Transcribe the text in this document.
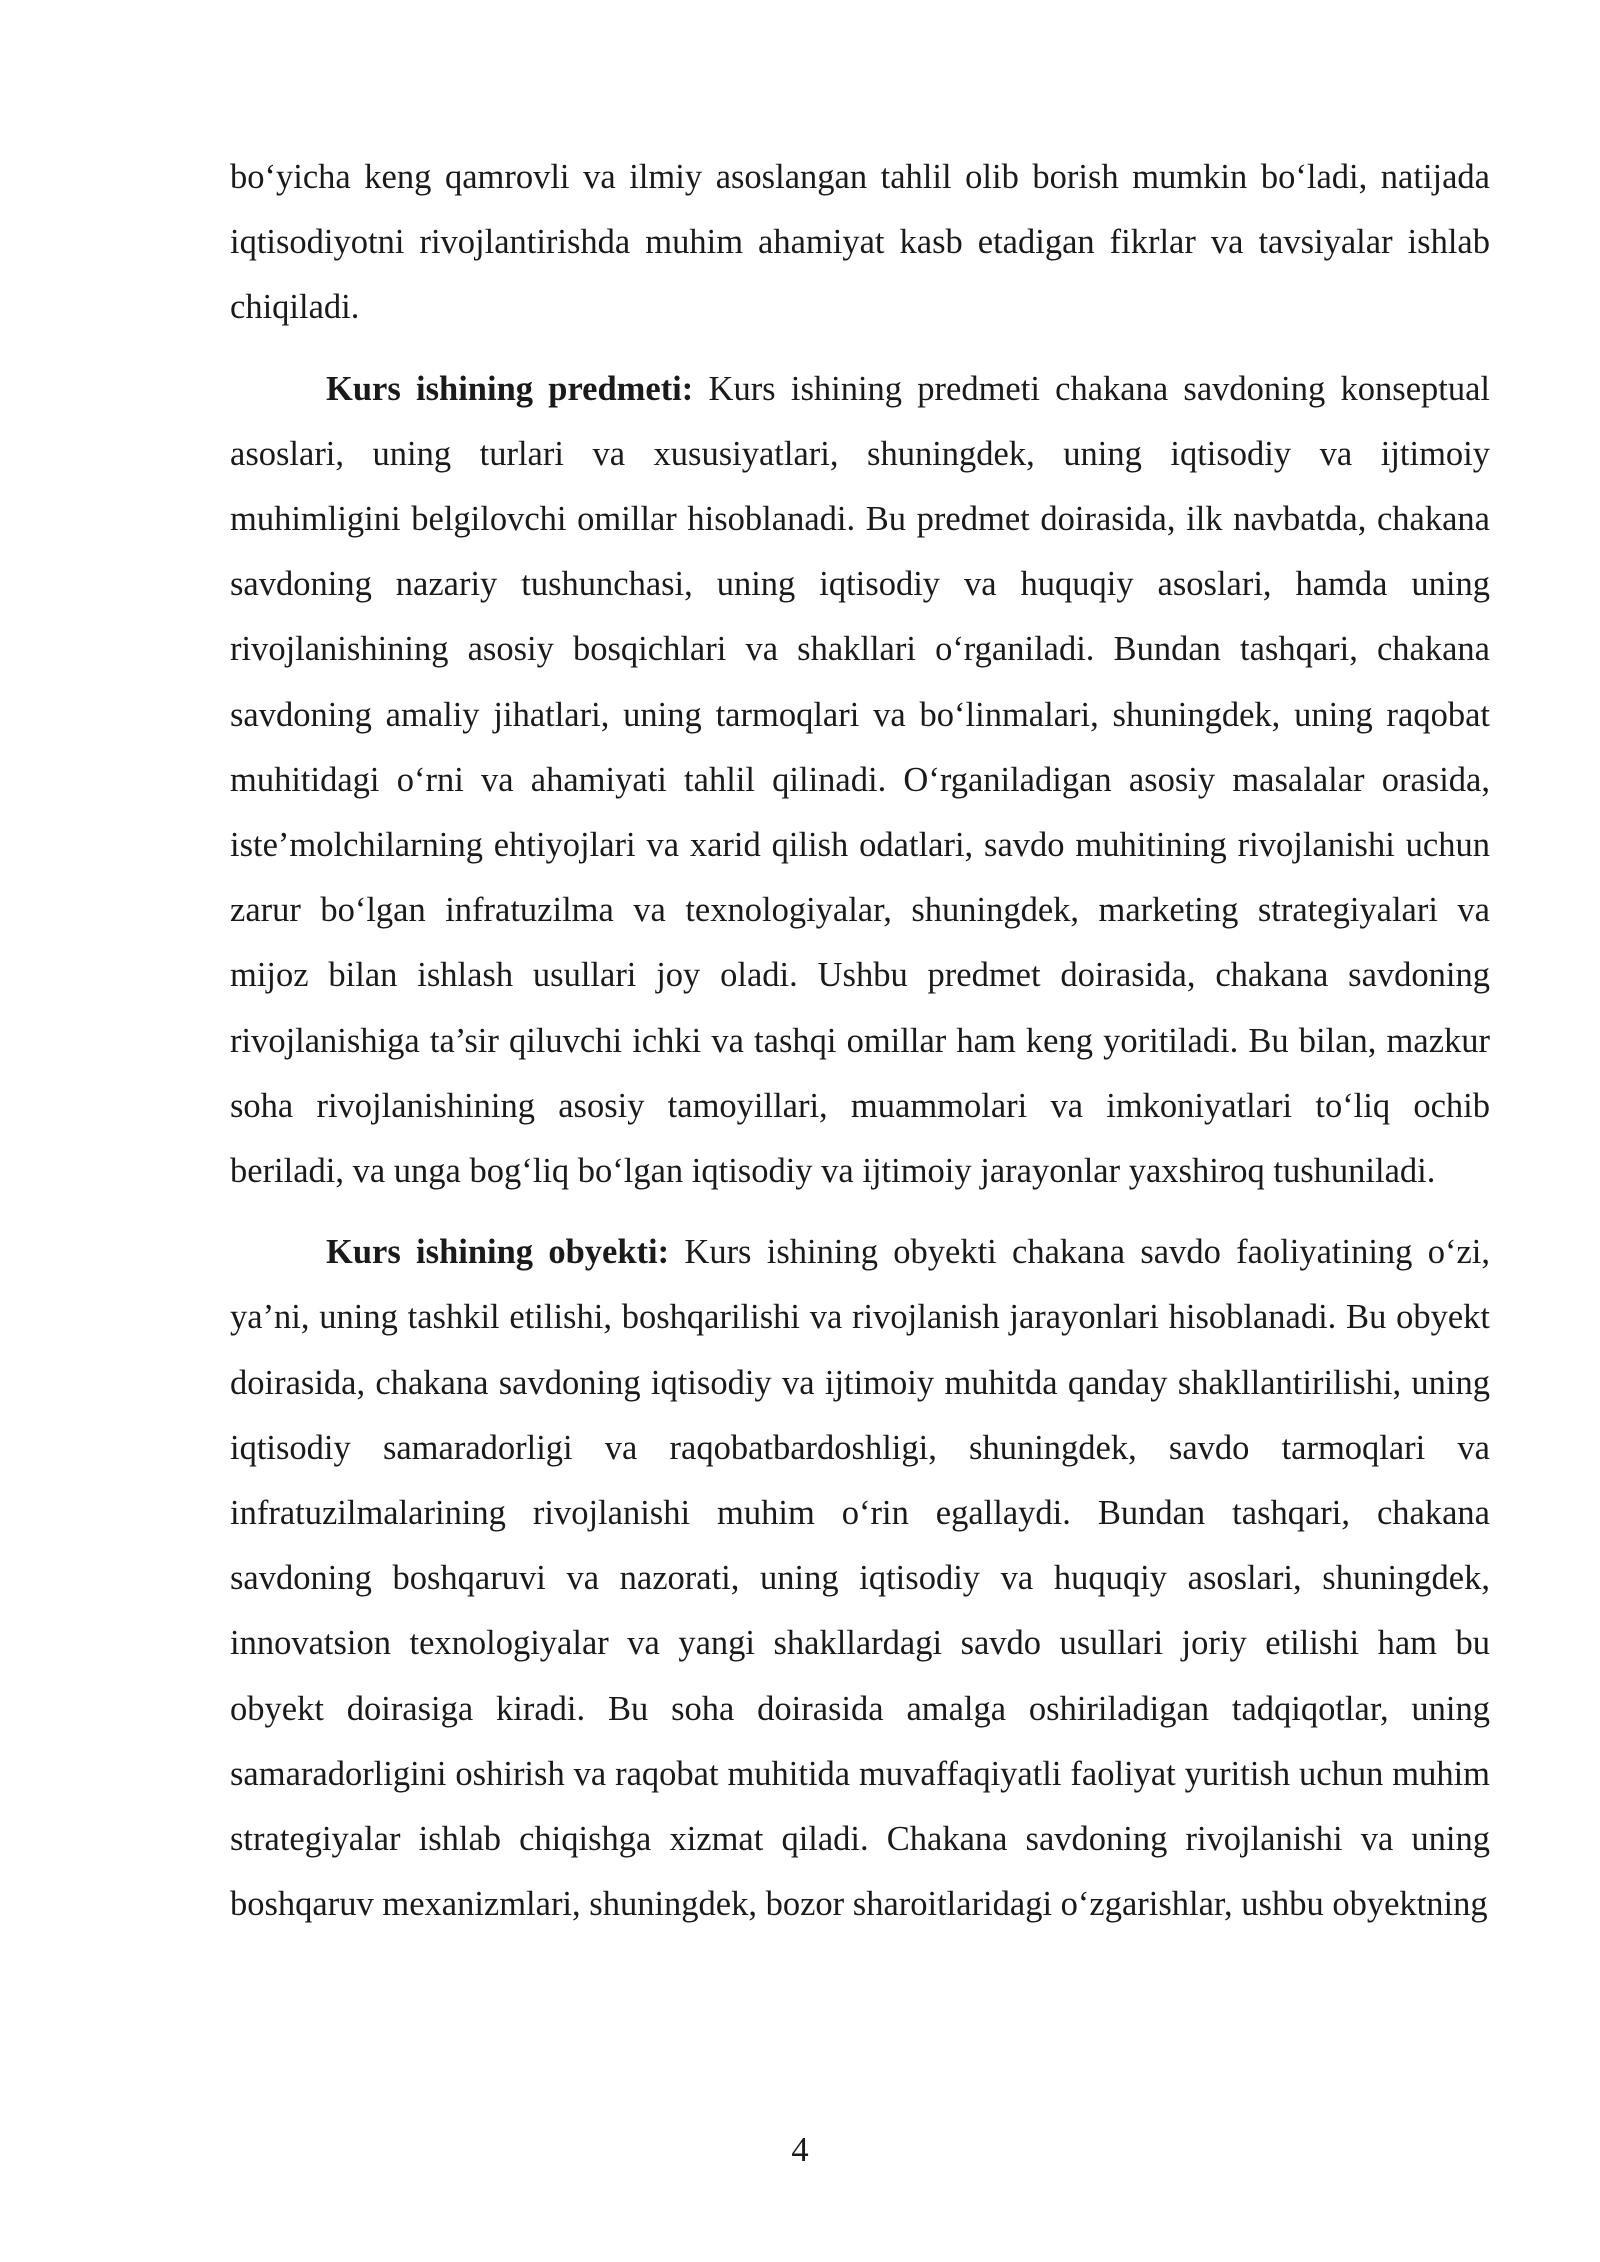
bo‘yicha keng qamrovli va ilmiy asoslangan tahlil olib borish mumkin bo‘ladi, natijada iqtisodiyotni rivojlantirishda muhim ahamiyat kasb etadigan fikrlar va tavsiyalar ishlab chiqiladi.

Kurs ishining predmeti: Kurs ishining predmeti chakana savdoning konseptual asoslari, uning turlari va xususiyatlari, shuningdek, uning iqtisodiy va ijtimoiy muhimligini belgilovchi omillar hisoblanadi. Bu predmet doirasida, ilk navbatda, chakana savdoning nazariy tushunchasi, uning iqtisodiy va huquqiy asoslari, hamda uning rivojlanishining asosiy bosqichlari va shakllari o‘rganiladi. Bundan tashqari, chakana savdoning amaliy jihatlari, uning tarmoqlari va bo‘linmalari, shuningdek, uning raqobat muhitidagi o‘rni va ahamiyati tahlil qilinadi. O‘rganiladigan asosiy masalalar orasida, iste’molchilarning ehtiyojlari va xarid qilish odatlari, savdo muhitining rivojlanishi uchun zarur bo‘lgan infratuzilma va texnologiyalar, shuningdek, marketing strategiyalari va mijoz bilan ishlash usullari joy oladi. Ushbu predmet doirasida, chakana savdoning rivojlanishiga ta’sir qiluvchi ichki va tashqi omillar ham keng yoritiladi. Bu bilan, mazkur soha rivojlanishining asosiy tamoyillari, muammolari va imkoniyatlari to‘liq ochib beriladi, va unga bog‘liq bo‘lgan iqtisodiy va ijtimoiy jarayonlar yaxshiroq tushuniladi.

Kurs ishining obyekti: Kurs ishining obyekti chakana savdo faoliyatining o‘zi, ya’ni, uning tashkil etilishi, boshqarilishi va rivojlanish jarayonlari hisoblanadi. Bu obyekt doirasida, chakana savdoning iqtisodiy va ijtimoiy muhitda qanday shakllantirilishi, uning iqtisodiy samaradorligi va raqobatbardoshligi, shuningdek, savdo tarmoqlari va infratuzilmalarining rivojlanishi muhim o‘rin egallaydi. Bundan tashqari, chakana savdoning boshqaruvi va nazorati, uning iqtisodiy va huquqiy asoslari, shuningdek, innovatsion texnologiyalar va yangi shakllardagi savdo usullari joriy etilishi ham bu obyekt doirasiga kiradi. Bu soha doirasida amalga oshiriladigan tadqiqotlar, uning samaradorligini oshirish va raqobat muhitida muvaffaqiyatli faoliyat yuritish uchun muhim strategiyalar ishlab chiqishga xizmat qiladi. Chakana savdoning rivojlanishi va uning boshqaruv mexanizmlari, shuningdek, bozor sharoitlaridagi o‘zgarishlar, ushbu obyektning

4
